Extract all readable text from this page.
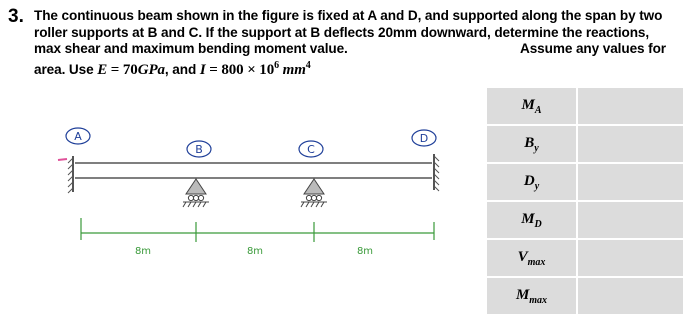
3. The continuous beam shown in the figure is fixed at A and D, and supported along the span by two
roller supports at B and C. If the support at B deflects 20mm downward, determine the reactions,
max shear and maximum bending moment value.	Assume any values for
area. Use E = 70GPa, and $I = 800 \times 10^6$ $mm^4$
A
B	C
D
8m	8m	8m
$M_A$	
$B_y$	
$D_y$	
$M_D$	
$V_{max}$	
$M_{max}$	
